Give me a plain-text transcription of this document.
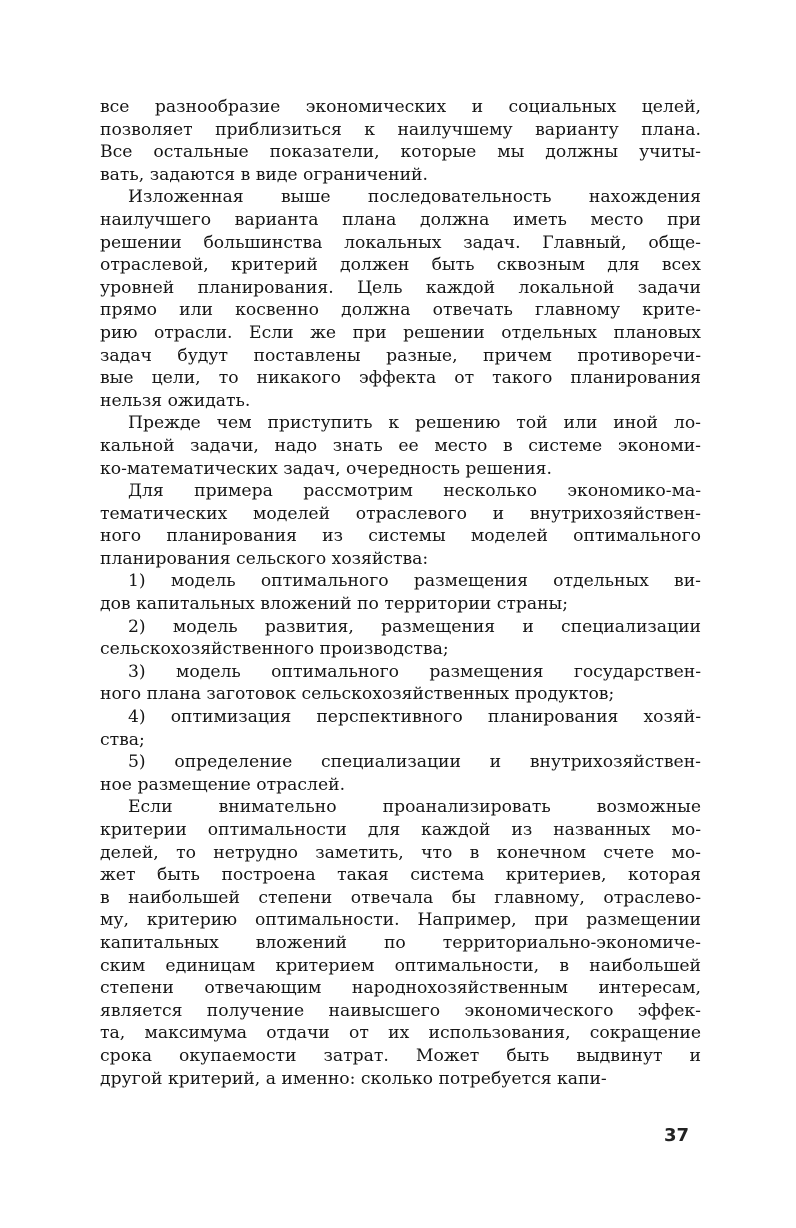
все разнообразие экономических и социальных целей,
позволяет приблизиться к наилучшему варианту плана.
Все остальные показатели, которые мы должны учиты-
вать, задаются в виде ограничений.
Изложенная выше последовательность нахождения
наилучшего варианта плана должна иметь место при
решении большинства локальных задач. Главный, обще-
отраслевой, критерий должен быть сквозным для всех
уровней планирования. Цель каждой локальной задачи
прямо или косвенно должна отвечать главному крите-
рию отрасли. Если же при решении отдельных плановых
задач будут поставлены разные, причем противоречи-
вые цели, то никакого эффекта от такого планирования
нельзя ожидать.
Прежде чем приступить к решению той или иной ло-
кальной задачи, надо знать ее место в системе экономи-
ко-математических задач, очередность решения.
Для примера рассмотрим несколько экономико-ма-
тематических моделей отраслевого и внутрихозяйствен-
ного планирования из системы моделей оптимального
планирования сельского хозяйства:
1) модель оптимального размещения отдельных ви-
дов капитальных вложений по территории страны;
2) модель развития, размещения и специализации
сельскохозяйственного производства;
3) модель оптимального размещения государствен-
ного плана заготовок сельскохозяйственных продуктов;
4) оптимизация перспективного планирования хозяй-
ства;
5) определение специализации и внутрихозяйствен-
ное размещение отраслей.
Если внимательно проанализировать возможные
критерии оптимальности для каждой из названных мо-
делей, то нетрудно заметить, что в конечном счете мо-
жет быть построена такая система критериев, которая
в наибольшей степени отвечала бы главному, отраслево-
му, критерию оптимальности. Например, при размещении
капитальных вложений по территориально-экономиче-
ским единицам критерием оптимальности, в наибольшей
степени отвечающим народнохозяйственным интересам,
является получение наивысшего экономического эффек-
та, максимума отдачи от их использования, сокращение
срока окупаемости затрат. Может быть выдвинут и
другой критерий, а именно: сколько потребуется капи-
37
